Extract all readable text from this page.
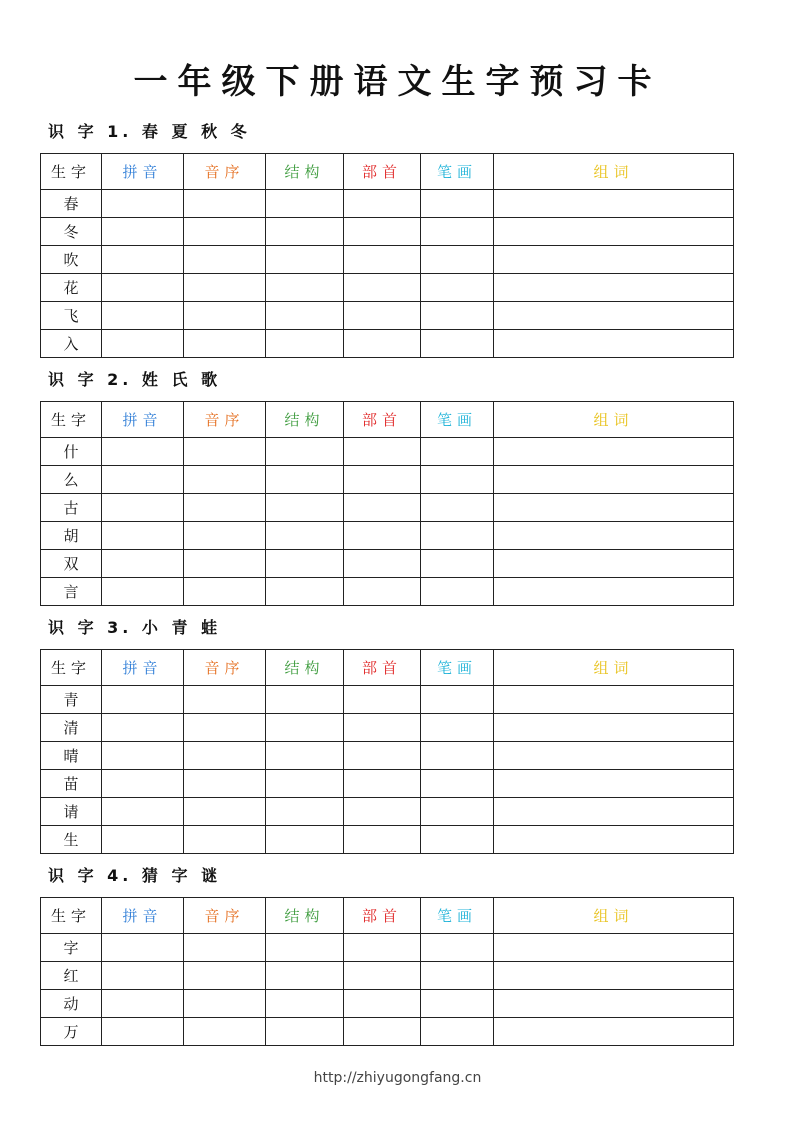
一年级下册语文生字预习卡
识 字 1. 春 夏 秋 冬
生字	拼音	音序	结构	部首	笔画	组词
春						
冬						
吹						
花						
飞						
入						
识 字 2. 姓 氏 歌
生字	拼音	音序	结构	部首	笔画	组词
什						
么						
古						
胡						
双						
言						
识 字 3. 小 青 蛙
生字	拼音	音序	结构	部首	笔画	组词
青						
清						
晴						
苗						
请						
生						
识 字 4. 猜 字 谜
生字	拼音	音序	结构	部首	笔画	组词
字						
红						
动						
万						
http://zhiyugongfang.cn
